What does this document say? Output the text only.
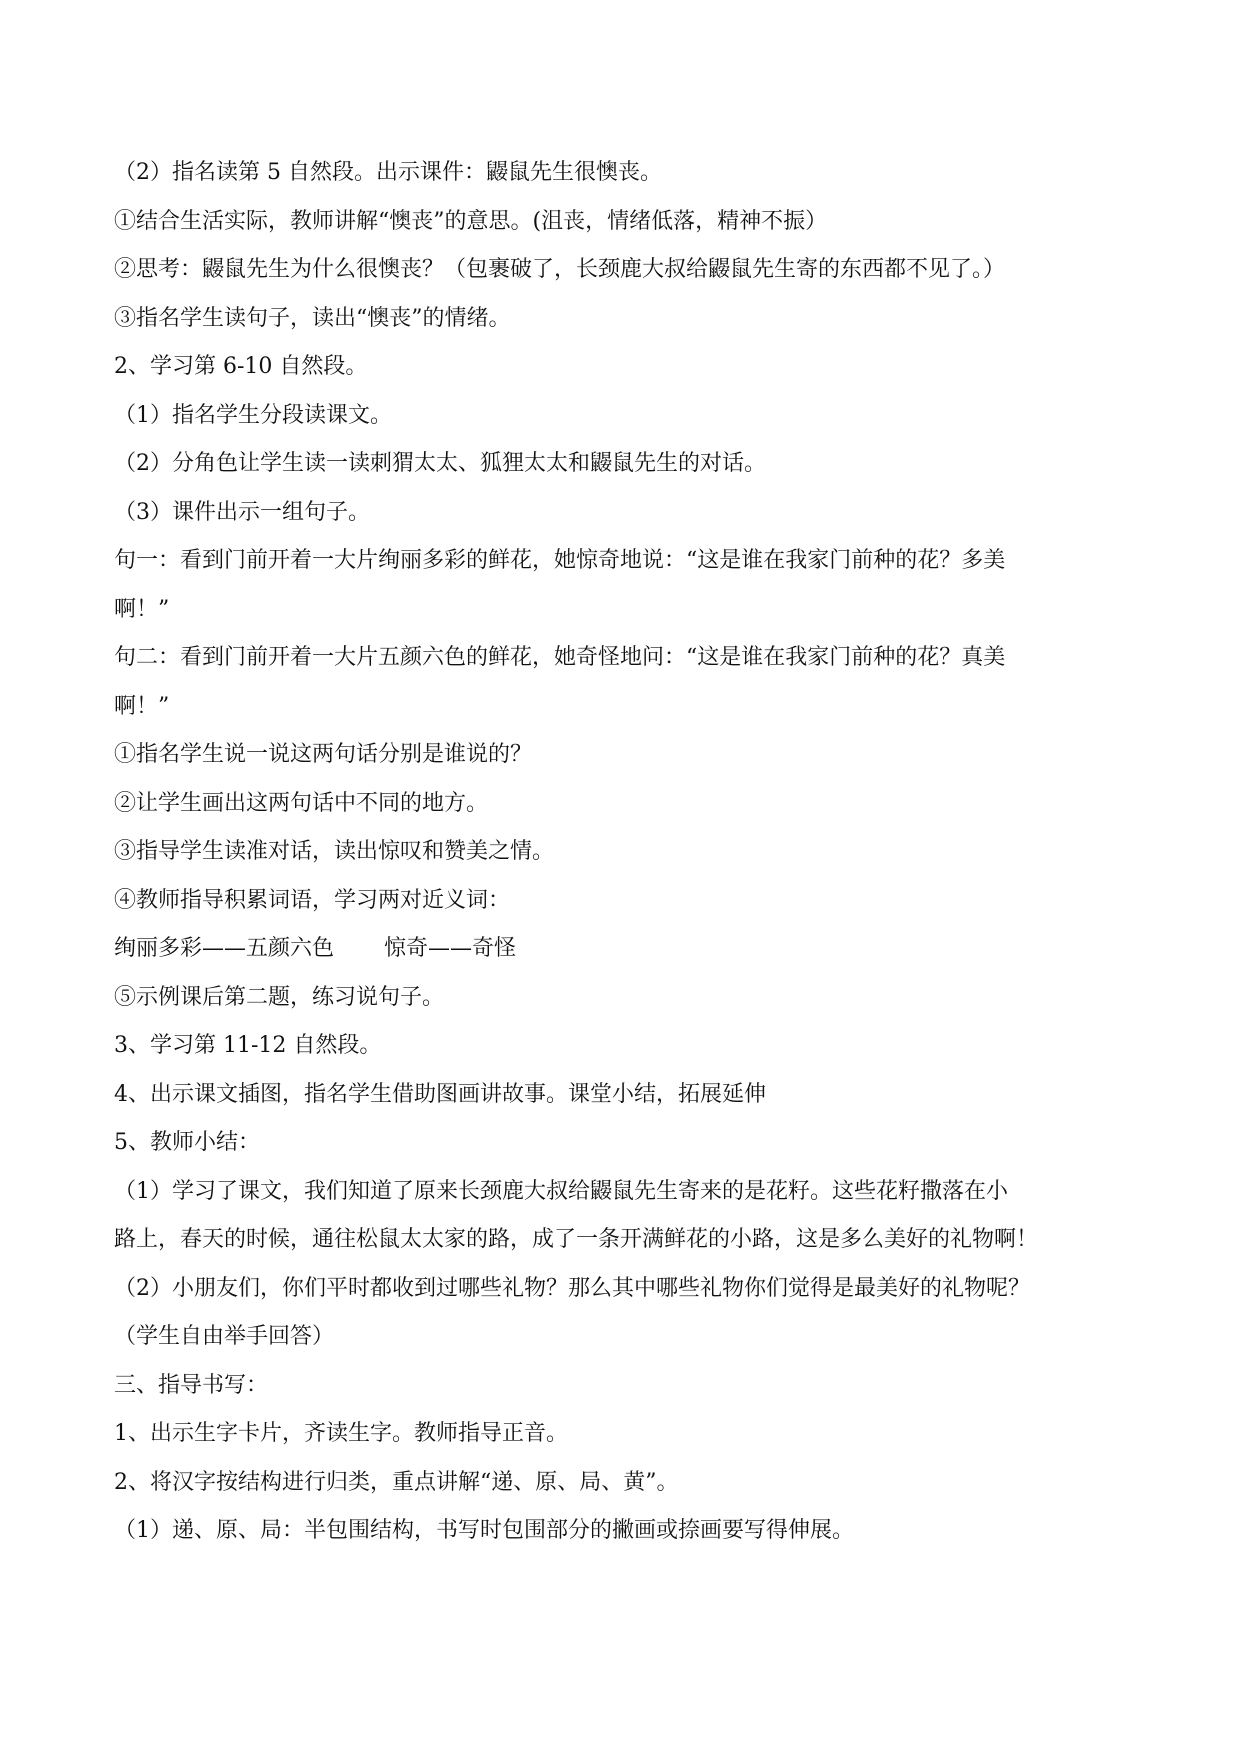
（2）指名读第 5 自然段。出示课件：鼹鼠先生很懊丧。
①结合生活实际，教师讲解“懊丧”的意思。(沮丧，情绪低落，精神不振）
②思考：鼹鼠先生为什么很懊丧？（包裹破了，长颈鹿大叔给鼹鼠先生寄的东西都不见了。）
③指名学生读句子，读出“懊丧”的情绪。
2、学习第 6-10 自然段。
（1）指名学生分段读课文。
（2）分角色让学生读一读刺猬太太、狐狸太太和鼹鼠先生的对话。
（3）课件出示一组句子。
句一：看到门前开着一大片绚丽多彩的鲜花，她惊奇地说：“这是谁在我家门前种的花？多美
啊！”
句二：看到门前开着一大片五颜六色的鲜花，她奇怪地问：“这是谁在我家门前种的花？真美
啊！”
①指名学生说一说这两句话分别是谁说的？
②让学生画出这两句话中不同的地方。
③指导学生读准对话，读出惊叹和赞美之情。
④教师指导积累词语，学习两对近义词：
绚丽多彩——五颜六色 惊奇——奇怪
⑤示例课后第二题，练习说句子。
3、学习第 11-12 自然段。
4、出示课文插图，指名学生借助图画讲故事。课堂小结，拓展延伸
5、教师小结：
（1）学习了课文，我们知道了原来长颈鹿大叔给鼹鼠先生寄来的是花籽。这些花籽撒落在小
路上，春天的时候，通往松鼠太太家的路，成了一条开满鲜花的小路，这是多么美好的礼物啊！
（2）小朋友们，你们平时都收到过哪些礼物？那么其中哪些礼物你们觉得是最美好的礼物呢？
（学生自由举手回答）
三、指导书写：
1、出示生字卡片，齐读生字。教师指导正音。
2、将汉字按结构进行归类，重点讲解“递、原、局、黄”。
（1）递、原、局：半包围结构，书写时包围部分的撇画或捺画要写得伸展。
